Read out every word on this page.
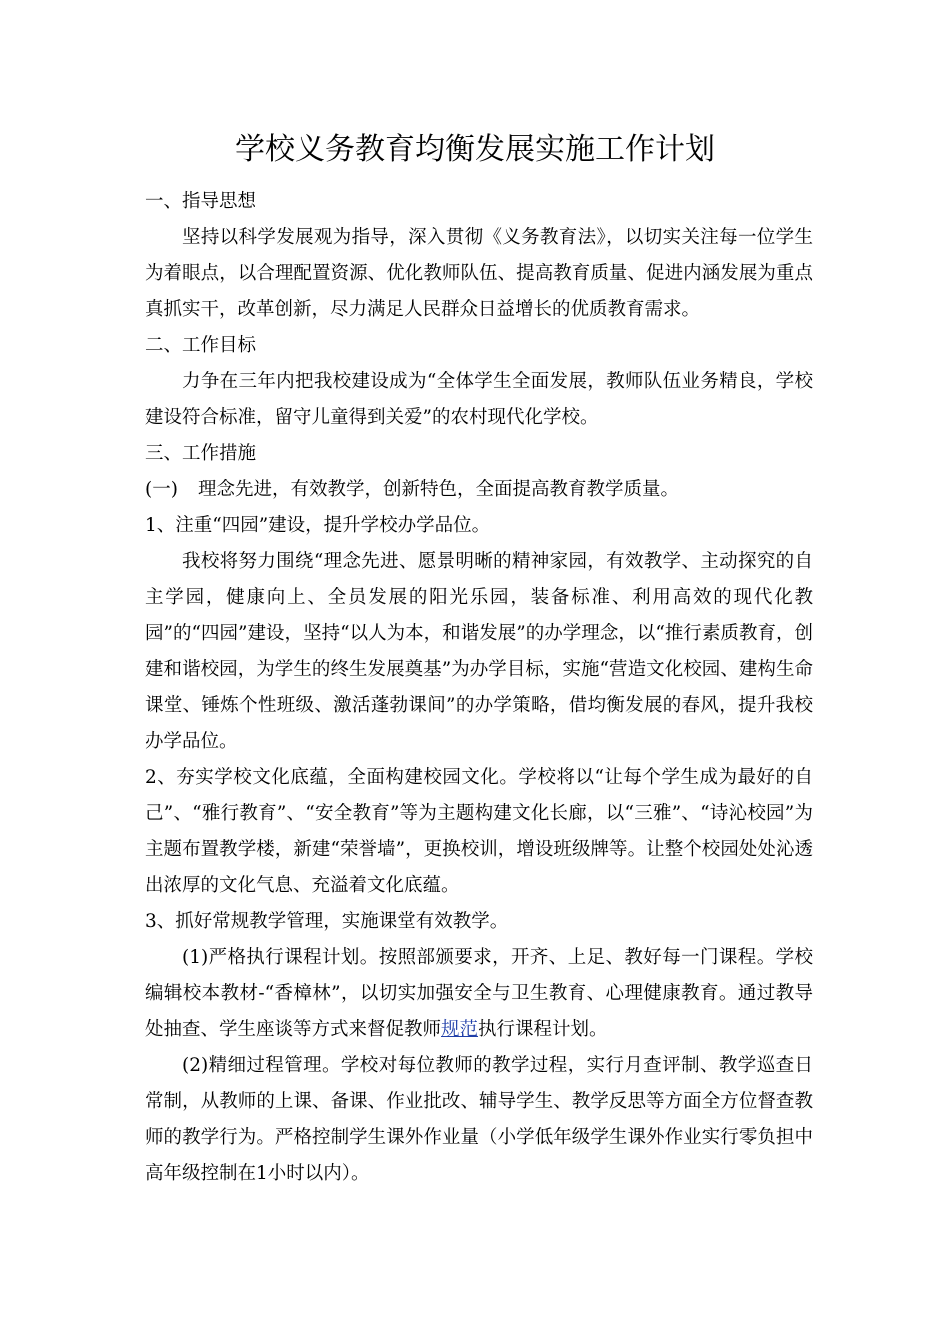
学校义务教育均衡发展实施工作计划

一、指导思想

坚持以科学发展观为指导，深入贯彻《义务教育法》，以切实关注每一位学生为着眼点，以合理配置资源、优化教师队伍、提高教育质量、促进内涵发展为重点真抓实干，改革创新，尽力满足人民群众日益增长的优质教育需求。

二、工作目标

力争在三年内把我校建设成为“全体学生全面发展，教师队伍业务精良，学校建设符合标准，留守儿童得到关爱”的农村现代化学校。

三、工作措施

(一) 理念先进，有效教学，创新特色，全面提高教育教学质量。

1、注重“四园”建设，提升学校办学品位。

我校将努力围绕“理念先进、愿景明晰的精神家园，有效教学、主动探究的自主学园，健康向上、全员发展的阳光乐园，装备标准、利用高效的现代化教园”的“四园”建设，坚持“以人为本，和谐发展”的办学理念，以“推行素质教育，创建和谐校园，为学生的终生发展奠基”为办学目标，实施“营造文化校园、建构生命课堂、锤炼个性班级、激活蓬勃课间”的办学策略，借均衡发展的春风，提升我校办学品位。

2、夯实学校文化底蕴，全面构建校园文化。学校将以“让每个学生成为最好的自己”、“雅行教育”、“安全教育”等为主题构建文化长廊，以“三雅”、“诗沁校园”为主题布置教学楼，新建“荣誉墙”，更换校训，增设班级牌等。让整个校园处处沁透出浓厚的文化气息、充溢着文化底蕴。

3、抓好常规教学管理，实施课堂有效教学。

(1)严格执行课程计划。按照部颁要求，开齐、上足、教好每一门课程。学校编辑校本教材-“香樟林”，以切实加强安全与卫生教育、心理健康教育。通过教导处抽查、学生座谈等方式来督促教师规范执行课程计划。

(2)精细过程管理。学校对每位教师的教学过程，实行月查评制、教学巡查日常制，从教师的上课、备课、作业批改、辅导学生、教学反思等方面全方位督查教师的教学行为。严格控制学生课外作业量（小学低年级学生课外作业实行零负担中高年级控制在1小时以内）。
